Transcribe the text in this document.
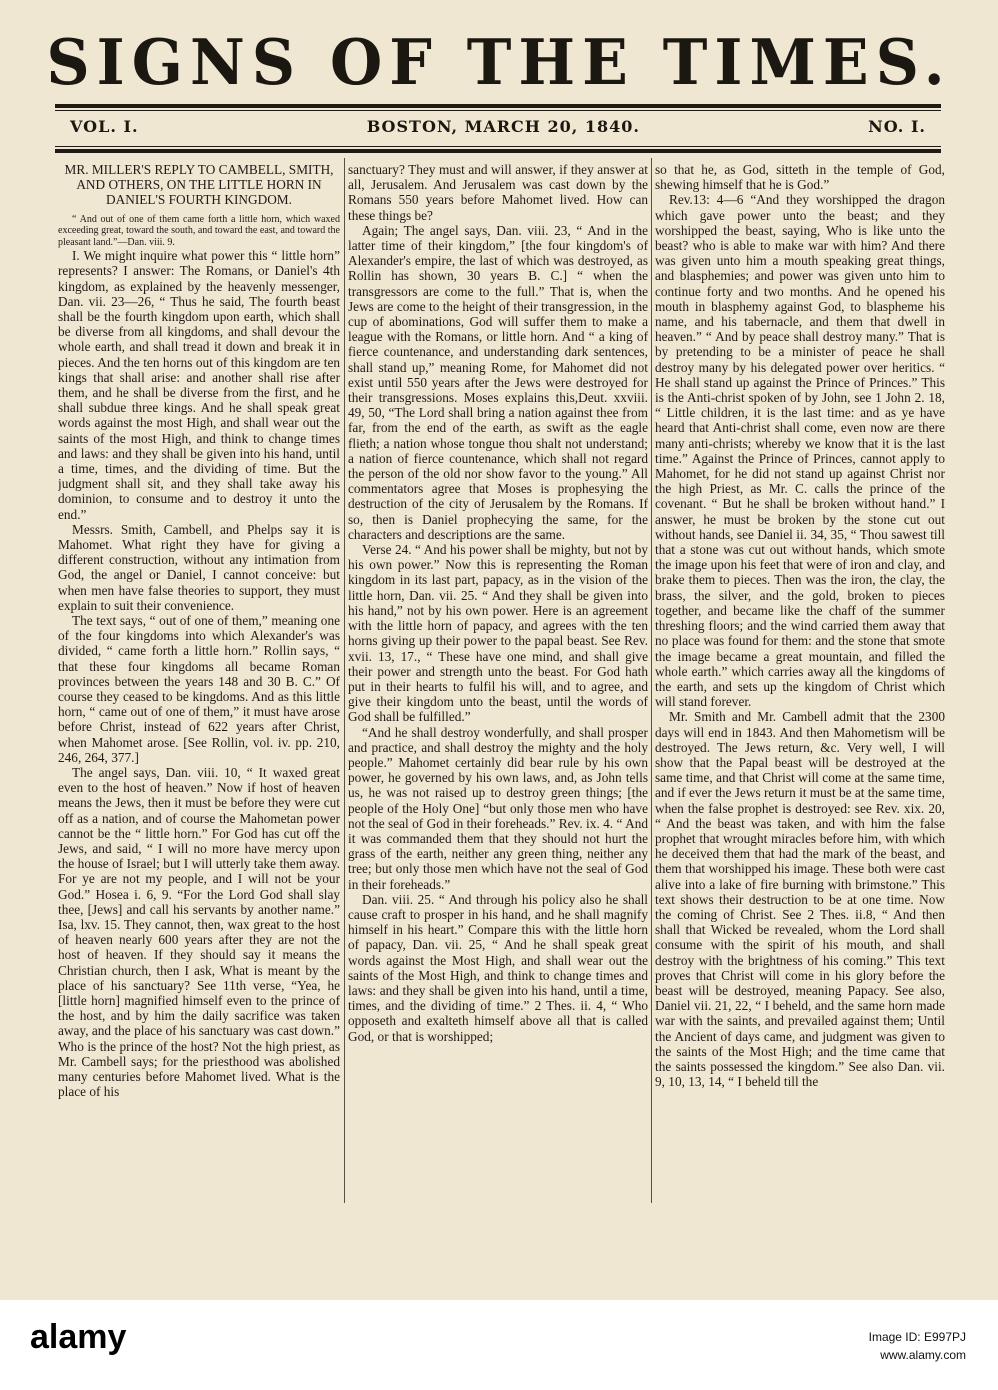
SIGNS OF THE TIMES.
VOL. I.	BOSTON, MARCH 20, 1840.	NO. I.
MR. MILLER'S REPLY TO CAMBELL, SMITH, AND OTHERS, ON THE LITTLE HORN IN DANIEL'S FOURTH KINGDOM.

“ And out of one of them came forth a little horn, which waxed exceeding great, toward the south, and toward the east, and toward the pleasant land.”—Dan. viii. 9.

I. We might inquire what power this “ little horn” represents? I answer: The Romans, or Daniel's 4th kingdom, as explained by the heavenly messenger, Dan. vii. 23—26, “ Thus he said, The fourth beast shall be the fourth kingdom upon earth, which shall be diverse from all kingdoms, and shall devour the whole earth, and shall tread it down and break it in pieces. And the ten horns out of this kingdom are ten kings that shall arise: and another shall rise after them, and he shall be diverse from the first, and he shall subdue three kings. And he shall speak great words against the most High, and shall wear out the saints of the most High, and think to change times and laws: and they shall be given into his hand, until a time, times, and the dividing of time. But the judgment shall sit, and they shall take away his dominion, to consume and to destroy it unto the end.”

Messrs. Smith, Cambell, and Phelps say it is Mahomet. What right they have for giving a different construction, without any intimation from God, the angel or Daniel, I cannot conceive: but when men have false theories to support, they must explain to suit their convenience.

The text says, “ out of one of them,” meaning one of the four kingdoms into which Alexander's was divided, “ came forth a little horn.” Rollin says, “ that these four kingdoms all became Roman provinces between the years 148 and 30 B. C.” Of course they ceased to be kingdoms. And as this little horn, “ came out of one of them,” it must have arose before Christ, instead of 622 years after Christ, when Mahomet arose. [See Rollin, vol. iv. pp. 210, 246, 264, 377.]

The angel says, Dan. viii. 10, “ It waxed great even to the host of heaven.” Now if host of heaven means the Jews, then it must be before they were cut off as a nation, and of course the Mahometan power cannot be the “ little horn.” For God has cut off the Jews, and said, “ I will no more have mercy upon the house of Israel; but I will utterly take them away. For ye are not my people, and I will not be your God.” Hosea i. 6, 9. “For the Lord God shall slay thee, [Jews] and call his servants by another name.” Isa, lxv. 15. They cannot, then, wax great to the host of heaven nearly 600 years after they are not the host of heaven. If they should say it means the Christian church, then I ask, What is meant by the place of his sanctuary? See 11th verse, “Yea, he [little horn] magnified himself even to the prince of the host, and by him the daily sacrifice was taken away, and the place of his sanctuary was cast down.” Who is the prince of the host? Not the high priest, as Mr. Cambell says; for the priesthood was abolished many centuries before Mahomet lived. What is the place of his

sanctuary? They must and will answer, if they answer at all, Jerusalem. And Jerusalem was cast down by the Romans 550 years before Mahomet lived. How can these things be?

Again; The angel says, Dan. viii. 23, “ And in the latter time of their kingdom,” [the four kingdom's of Alexander's empire, the last of which was destroyed, as Rollin has shown, 30 years B. C.] “ when the transgressors are come to the full.” That is, when the Jews are come to the height of their transgression, in the cup of abominations, God will suffer them to make a league with the Romans, or little horn. And “ a king of fierce countenance, and understanding dark sentences, shall stand up,” meaning Rome, for Mahomet did not exist until 550 years after the Jews were destroyed for their transgressions. Moses explains this,Deut. xxviii. 49, 50, “The Lord shall bring a nation against thee from far, from the end of the earth, as swift as the eagle flieth; a nation whose tongue thou shalt not understand; a nation of fierce countenance, which shall not regard the person of the old nor show favor to the young.” All commentators agree that Moses is prophesying the destruction of the city of Jerusalem by the Romans. If so, then is Daniel prophecying the same, for the characters and descriptions are the same.

Verse 24. “ And his power shall be mighty, but not by his own power.” Now this is representing the Roman kingdom in its last part, papacy, as in the vision of the little horn, Dan. vii. 25. “ And they shall be given into his hand,” not by his own power. Here is an agreement with the little horn of papacy, and agrees with the ten horns giving up their power to the papal beast. See Rev. xvii. 13, 17., “ These have one mind, and shall give their power and strength unto the beast. For God hath put in their hearts to fulfil his will, and to agree, and give their kingdom unto the beast, until the words of God shall be fulfilled.”

“And he shall destroy wonderfully, and shall prosper and practice, and shall destroy the mighty and the holy people.” Mahomet certainly did bear rule by his own power, he governed by his own laws, and, as John tells us, he was not raised up to destroy green things; [the people of the Holy One] “but only those men who have not the seal of God in their foreheads.” Rev. ix. 4. “ And it was commanded them that they should not hurt the grass of the earth, neither any green thing, neither any tree; but only those men which have not the seal of God in their foreheads.”

Dan. viii. 25. “ And through his policy also he shall cause craft to prosper in his hand, and he shall magnify himself in his heart.” Compare this with the little horn of papacy, Dan. vii. 25, “ And he shall speak great words against the Most High, and shall wear out the saints of the Most High, and think to change times and laws: and they shall be given into his hand, until a time, times, and the dividing of time.” 2 Thes. ii. 4, “ Who opposeth and exalteth himself above all that is called God, or that is worshipped;

so that he, as God, sitteth in the temple of God, shewing himself that he is God.”

Rev.13: 4—6 “And they worshipped the dragon which gave power unto the beast; and they worshipped the beast, saying, Who is like unto the beast? who is able to make war with him? And there was given unto him a mouth speaking great things, and blasphemies; and power was given unto him to continue forty and two months. And he opened his mouth in blasphemy against God, to blaspheme his name, and his tabernacle, and them that dwell in heaven.” “ And by peace shall destroy many.” That is by pretending to be a minister of peace he shall destroy many by his delegated power over heritics. “ He shall stand up against the Prince of Princes.” This is the Anti-christ spoken of by John, see 1 John 2. 18, “ Little children, it is the last time: and as ye have heard that Anti-christ shall come, even now are there many anti-christs; whereby we know that it is the last time.” Against the Prince of Princes, cannot apply to Mahomet, for he did not stand up against Christ nor the high Priest, as Mr. C. calls the prince of the covenant. “ But he shall be broken without hand.” I answer, he must be broken by the stone cut out without hands, see Daniel ii. 34, 35, “ Thou sawest till that a stone was cut out without hands, which smote the image upon his feet that were of iron and clay, and brake them to pieces. Then was the iron, the clay, the brass, the silver, and the gold, broken to pieces together, and became like the chaff of the summer threshing floors; and the wind carried them away that no place was found for them: and the stone that smote the image became a great mountain, and filled the whole earth.” which carries away all the kingdoms of the earth, and sets up the kingdom of Christ which will stand forever.

Mr. Smith and Mr. Cambell admit that the 2300 days will end in 1843. And then Mahometism will be destroyed. The Jews return, &c. Very well, I will show that the Papal beast will be destroyed at the same time, and that Christ will come at the same time, and if ever the Jews return it must be at the same time, when the false prophet is destroyed: see Rev. xix. 20, “ And the beast was taken, and with him the false prophet that wrought miracles before him, with which he deceived them that had the mark of the beast, and them that worshipped his image. These both were cast alive into a lake of fire burning with brimstone.” This text shows their destruction to be at one time. Now the coming of Christ. See 2 Thes. ii.8, “ And then shall that Wicked be revealed, whom the Lord shall consume with the spirit of his mouth, and shall destroy with the brightness of his coming.” This text proves that Christ will come in his glory before the beast will be destroyed, meaning Papacy. See also, Daniel vii. 21, 22, “ I beheld, and the same horn made war with the saints, and prevailed against them; Until the Ancient of days came, and judgment was given to the saints of the Most High; and the time came that the saints possessed the kingdom.” See also Dan. vii. 9, 10, 13, 14, “ I beheld till the

alamy	Image ID: E997PJ
www.alamy.com
